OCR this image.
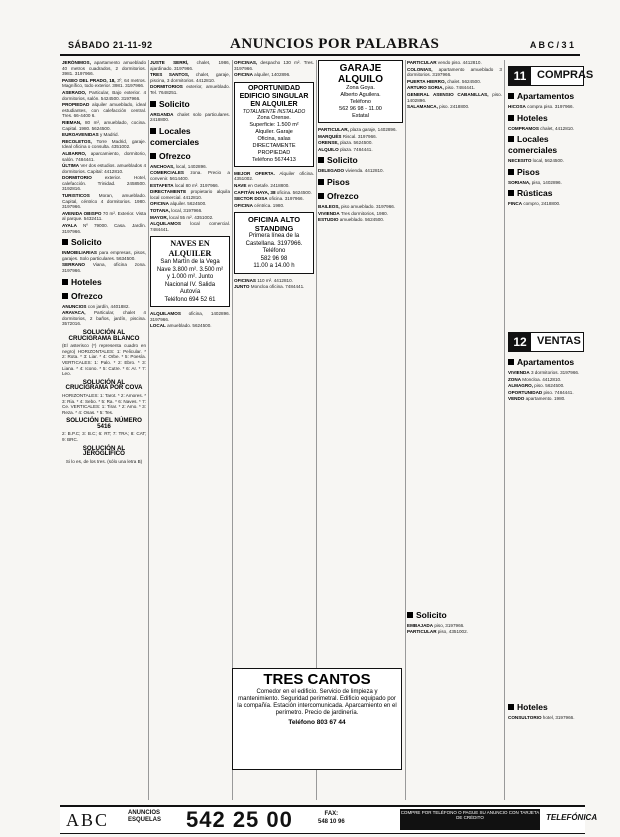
SÁBADO 21-11-92	ANUNCIOS POR PALABRAS	A B C / 3 1

JERÓNIMOS, apartamento amueblado 40 metros cuadrados, 2 dormitorios. 3981. 3197966.

PASEO DEL PRADO, 18, 3º, 64 metros. Magnífico, todo exterior. 3981. 3197966.

ASERADO, Particular, Bajo exterior. 4 dormitorios, salón. 5424500. 3197966.

PROPIEDAD alquiler amueblado, ideal estudiantes, con calefacción central. Tres. 66-4400 6.

RIEMAN, 80 m², amueblado, cocina. Capital. 1980. 5624500.

EUROAVENIDAS y Madrid.

RECOLETOS, Torre Madrid, garaje. Ideal oficina o consulta. 4351002.

ALBARRO, aparcamiento, dormitorio, salón. 7484441.

ÚLTIMA Ver dos estudios. amueblados 4 dormitorios. Capital: 4412810.

DORMITORIO exterior. Hotel, calefacción. Trinidad. 2458500. 3192816.

TURISTICOS Moran, amueblado. Capital, céntrico 4 dormitorios. 1980. 3197966.

AVENIDA OBISPO 70 m². Exterior. Vista al parque. 5432411.

AYALA Nº 79000. Casa. Jardín. 3197966.

Solicito

INMOBILIARIAS para empresas, pisos, garajes. Solo particulares. 5634500.

SERRANO Viana, oficina zona. 3197966.

Hoteles
Ofrezco

ANUNCIOS con jardín, 4401882.

ARAVACA, Particular, chalet 4 dormitorios, 2 baños, jardín, piscina. 3572016.

SOLUCIÓN AL CRUCIGRAMA BLANCO

(El asterisco (*) representa cuadro en negro) HORIZONTALES: 1: Pelicular. * 2: Rota. * 3: Liar. * 4: Orbe. * 5: Poesía. VERTICALES: 1: Palo. * 2: Ebro. * 3: Liana. * 4: Icono. * 5: Cutre. * 6: Ar. * 7: Leo.

SOLUCIÓN AL CRUCIGRAMA POR COVA

HORIZONTALES: 1: Tarot. * 2: Amores. * 3: Ria. * 4: Sebo. * 5: Ra. * 6: Naves. * 7: Ce. VERTICALES: 1: Tirar. * 2: Amo. * 3: Reza. * 4: Osas. * 5: Tes.

SOLUCIÓN DEL NÚMERO 5416

2: B.P.C; 3: B.C; 6: RT; 7: TRA; 8: CAT; 9: BRC.

SOLUCIÓN AL JEROGLÍFICO

Si lo es, de los tres. (sólo una letra B)

JUSTE SERRÍ, chalet, 1986, ajardinado. 3197966.

TRES SANTOS, chalet, garaje, piscina, 3 dormitorios. 4412810.

DORMITORIOS exterior, amueblado. Tel. 7648251.

Solicito

ARGANDA chalet solo particulares. 2418800.

Locales comerciales
Ofrezco

ANCHOAS, local, 1402896.

COMERCIALES zona. Precio a convenir. 5614400.

ESTAFETA local 80 m². 3197966.

DIRECTAMENTE propietario alquila local comercial. 4412810.

OFICINA alquiler. 5624500.

TOTANA, local, 3197966.

MAYOR, local 55 m². 4351002.

ALQUILAMOS local comercial. 7484441.

NAVES EN ALQUILER
San Martín de la Vega
Nave 3.800 m². 3.500 m²
y 1.000 m². Junto
Nacional IV. Salida
Autovía
Teléfono 694 52 61

ALQUILAMOS oficina, 1402896. 3197966.

LOCAL amueblado. 5624500.

OFICINAS, despacho 130 m². Tres. 3197966.

OFICINA alquiler, 1402896.

OPORTUNIDAD EDIFICIO SINGULAR EN ALQUILER
TOTALMENTE INSTALADO
Zona Orense.
Superficie: 1.500 m²
Alquiler. Garaje
Oficina, salas
DIRECTAMENTE PROPIEDAD
Teléfono 5674413

MEJOR OFERTA. Alquiler oficina. 4351002.

NAVE en Getafe. 2418800.

CAPITÁN HAYA, 38 oficina. 5624500.

SECTOR DOSA oficina. 3197966.

OFICINA céntrica. 1980.

OFICINA ALTO STANDING
Primera línea de la
Castellana. 3197966.
Teléfono
582 96 98
11.00 a 14.00 h

OFICINAS 110 m². 4412810.

JUNTO Moncloa oficina. 7484441.

GARAJE ALQUILO
Zona Goya.
Alberto Aguilera.
Teléfono
562 96 98 - 11.00
Estatal

PARTICULAR, plaza garaje, 1402896.

MARQUÉS Riscal. 3197966.

ORENSE, plaza. 5624500.

ALQUILO plaza. 7484441.

Solicito

DELEGADO vivienda. 4412810.

Pisos
Ofrezco

BAILEOS, piso amueblado. 3197966.

VIVIENDA Tres dormitorios, 1980.

ESTUDIO amueblado. 5624500.

PARTICULAR vendo piso. 4412810.

COLONIAS, apartamento amueblado 3 dormitorios. 3197966.

PUERTA HIERRO, chalet. 5624500.

ARTURO SORIA, piso. 7484441.

GENERAL ASENSIO CABANILLAS, piso. 1402896.

SALAMANCA, piso. 2418800.

Solicito

EMBAJADA piso, 3197966.

PARTICULAR piso, 4351002.

TRES CANTOS
Comedor en el edificio. Servicio de limpieza y mantenimiento. Seguridad perimetral. Edificio equipado por la compañía. Estación intercomunicada. Aparcamiento en el perímetro. Precio de jardinería.
Teléfono 803 67 44
11 COMPRAS
Apartamentos

HICOSA compra piso. 3197966.

Hoteles

COMPRAMOS chalet, 4412810.

Locales comerciales

NECESITO local, 5624500.

Pisos

SORIANA, piso, 1402896.

Rústicas

FINCA compro, 2418800.

12 VENTAS
Apartamentos

VIVIENDA 3 dormitorios. 3197966.

ZONA Moncloa. 4412810.

ALMAGRO, piso. 5624500.

OPORTUNIDAD piso. 7484441.

VENDO apartamento. 1980.

Hoteles

CONSULTORIO hotel, 3197966.

ABC	ANUNCIOS
ESQUELAS 542 25 00	FAX:
548 10 96
COMPRE POR TELÉFONO O PAGUE SU ANUNCIO CON TARJETA DE CRÉDITO	TELEFÓNICA
